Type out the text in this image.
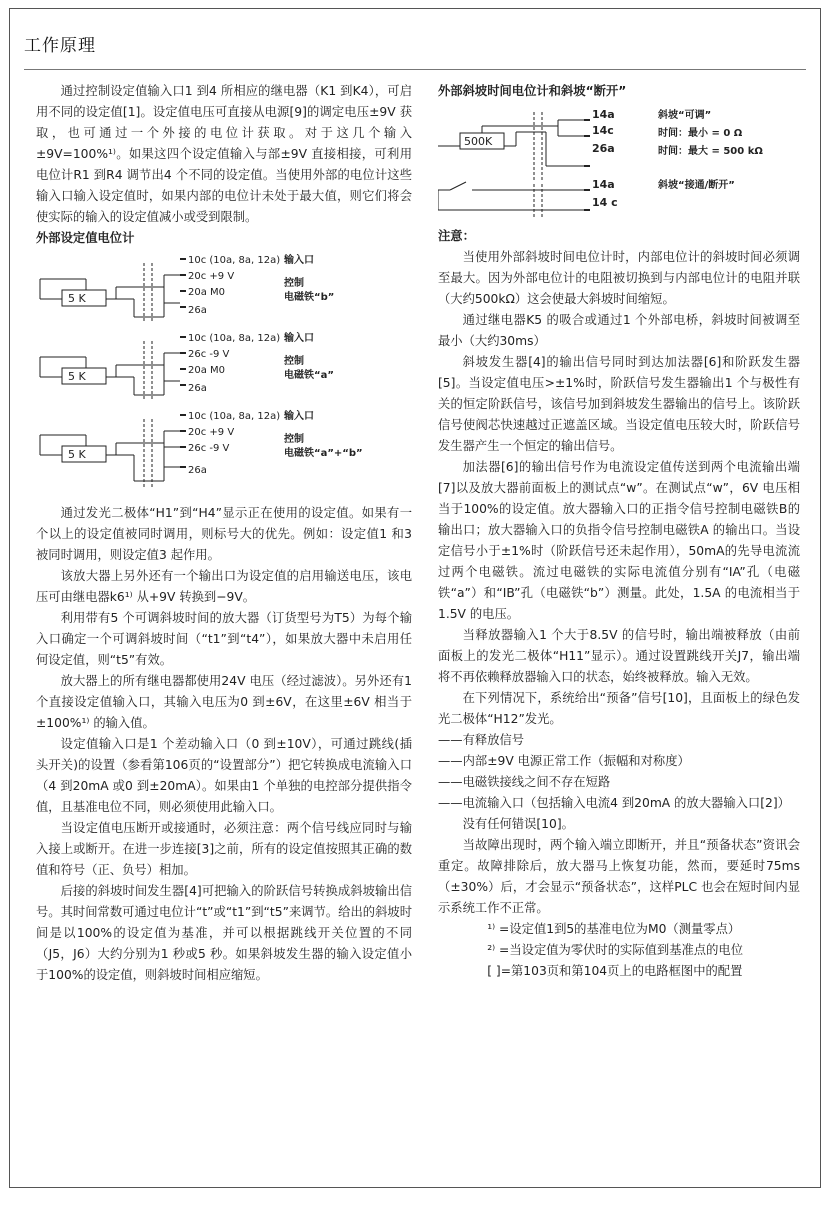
工作原理

通过控制设定值输入口1 到4 所相应的继电器（K1 到K4），可启用不同的设定值[1]。设定值电压可直接从电源[9]的调定电压±9V 获取，也可通过一个外接的电位计获取。对于这几个输入±9V=100%¹⁾。如果这四个设定值输入与部±9V 直接相接，可利用电位计R1 到R4 调节出4 个不同的设定值。当使用外部的电位计这些输入口输入设定值时，如果内部的电位计未处于最大值，则它们将会使实际的输入的设定值减小或受到限制。

外部设定值电位计

5 K
10c (10a, 8a, 12a)
20c +9 V
20a M0
26a
输入口
控制
电磁铁“b”
5 K
10c (10a, 8a, 12a)
26c -9 V
20a M0
26a
输入口
控制
电磁铁“a”
5 K
10c (10a, 8a, 12a)
20c +9 V
26c -9 V
26a
输入口
控制
电磁铁“a”+“b”

通过发光二极体“H1”到“H4”显示正在使用的设定值。如果有一个以上的设定值被同时调用，则标号大的优先。例如：设定值1 和3 被同时调用，则设定值3 起作用。

该放大器上另外还有一个输出口为设定值的启用输送电压，该电压可由继电器k6¹⁾ 从+9V 转换到−9V。

利用带有5 个可调斜坡时间的放大器（订货型号为T5）为每个输入口确定一个可调斜坡时间（“t1”到“t4”），如果放大器中未启用任何设定值，则“t5”有效。

放大器上的所有继电器都使用24V 电压（经过滤波）。另外还有1 个直接设定值输入口，其输入电压为0 到±6V，在这里±6V 相当于±100%¹⁾ 的输入值。

设定值输入口是1 个差动输入口（0 到±10V），可通过跳线(插头开关)的设置（参看第106页的“设置部分”）把它转换成电流输入口（4 到20mA 或0 到±20mA）。如果由1 个单独的电控部分提供指令值，且基准电位不同，则必须使用此输入口。

当设定值电压断开或接通时，必须注意：两个信号线应同时与输入接上或断开。在进一步连接[3]之前，所有的设定值按照其正确的数值和符号（正、负号）相加。

后接的斜坡时间发生器[4]可把输入的阶跃信号转换成斜坡输出信号。其时间常数可通过电位计“t”或“t1”到“t5”来调节。给出的斜坡时间是以100%的设定值为基准，并可以根据跳线开关位置的不同（J5，J6）大约分别为1 秒或5 秒。如果斜坡发生器的输入设定值小于100%的设定值，则斜坡时间相应缩短。

外部斜坡时间电位计和斜坡“断开”

500K
14a
14c
26a
14a
14 c
斜坡“可调”
时间：最小 = 0 Ω
时间：最大 = 500 kΩ
斜坡“接通/断开”

注意：

当使用外部斜坡时间电位计时，内部电位计的斜坡时间必须调至最大。因为外部电位计的电阻被切换到与内部电位计的电阻并联（大约500kΩ）这会使最大斜坡时间缩短。

通过继电器K5 的吸合或通过1 个外部电桥，斜坡时间被调至最小（大约30ms）

斜坡发生器[4]的输出信号同时到达加法器[6]和阶跃发生器[5]。当设定值电压>±1%时，阶跃信号发生器输出1 个与极性有关的恒定阶跃信号，该信号加到斜坡发生器输出的信号上。该阶跃信号使阀芯快速越过正遮盖区域。当设定值电压较大时，阶跃信号发生器产生一个恒定的输出信号。

加法器[6]的输出信号作为电流设定值传送到两个电流输出端[7]以及放大器前面板上的测试点“w”。在测试点“w”，6V 电压相当于100%的设定值。放大器输入口的正指令信号控制电磁铁B的输出口；放大器输入口的负指令信号控制电磁铁A 的输出口。当设定信号小于±1%时（阶跃信号还未起作用），50mA的先导电流流过两个电磁铁。流过电磁铁的实际电流值分别有“IA”孔（电磁铁“a”）和“IB”孔（电磁铁“b”）测量。此处，1.5A 的电流相当于1.5V 的电压。

当释放器输入1 个大于8.5V 的信号时，输出端被释放（由前面板上的发光二极体“H11”显示）。通过设置跳线开关J7，输出端将不再依赖释放器输入口的状态，始终被释放。输入无效。

在下列情况下，系统给出“预备”信号[10]，且面板上的绿色发光二极体“H12”发光。

——有释放信号

——内部±9V 电源正常工作（振幅和对称度）

——电磁铁接线之间不存在短路

——电流输入口（包括输入电流4 到20mA 的放大器输入口[2]）没有任何错误[10]。

当故障出现时，两个输入端立即断开，并且“预备状态”资讯会重定。故障排除后，放大器马上恢复功能，然而，要延时75ms（±30%）后，才会显示“预备状态”，这样PLC 也会在短时间内显示系统工作不正常。

¹⁾ =设定值1到5的基准电位为M0（测量零点）

²⁾ =当设定值为零伏时的实际值到基准点的电位

[ ]=第103页和第104页上的电路框图中的配置
